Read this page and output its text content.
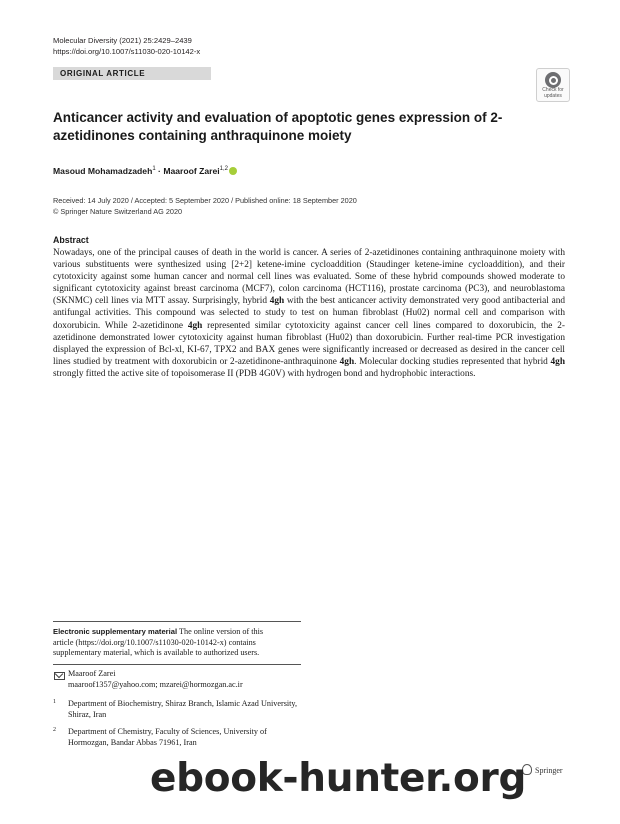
Molecular Diversity (2021) 25:2429–2439
https://doi.org/10.1007/s11030-020-10142-x
ORIGINAL ARTICLE
Check for
updates
Anticancer activity and evaluation of apoptotic genes expression of 2-azetidinones containing anthraquinone moiety
Masoud Mohamadzadeh$^1$ · Maaroof Zarei$^{1,2}$
Received: 14 July 2020 / Accepted: 5 September 2020 / Published online: 18 September 2020
© Springer Nature Switzerland AG 2020
Abstract

Nowadays, one of the principal causes of death in the world is cancer. A series of 2-azetidinones containing anthraquinone moiety with various substituents were synthesized using [2+2] ketene-imine cycloaddition (Staudinger ketene-imine cycloaddition), and their cytotoxicity against some human cancer and normal cell lines was evaluated. Some of these hybrid compounds showed moderate to significant cytotoxicity against breast carcinoma (MCF7), colon carcinoma (HCT116), prostate carcinoma (PC3), and neuroblastoma (SKNMC) cell lines via MTT assay. Surprisingly, hybrid 4gh with the best anticancer activity demonstrated very good antibacterial and antifungal activities. This compound was selected to study to test on human fibroblast (Hu02) normal cell and comparison with doxorubicin. While 2-azetidinone 4gh represented similar cytotoxicity against cancer cell lines compared to doxorubicin, the 2-azetidinone demonstrated lower cytotoxicity against human fibroblast (Hu02) than doxorubicin. Further real-time PCR investigation displayed the expression of Bcl-xl, KI-67, TPX2 and BAX genes were significantly increased or decreased as desired in the cancer cell lines studied by treatment with doxorubicin or 2-azetidinone-anthraquinone 4gh. Molecular docking studies represented that hybrid 4gh strongly fitted the active site of topoisomerase II (PDB 4G0V) with hydrogen bond and hydrophobic interactions.

Electronic supplementary material The online version of this article (https://doi.org/10.1007/s11030-020-10142-x) contains supplementary material, which is available to authorized users.
Maaroof Zarei
maaroof1357@yahoo.com; mzarei@hormozgan.ac.ir
1 Department of Biochemistry, Shiraz Branch, Islamic Azad University, Shiraz, Iran
2 Department of Chemistry, Faculty of Sciences, University of Hormozgan, Bandar Abbas 71961, Iran
Springer
ebook-hunter.org
